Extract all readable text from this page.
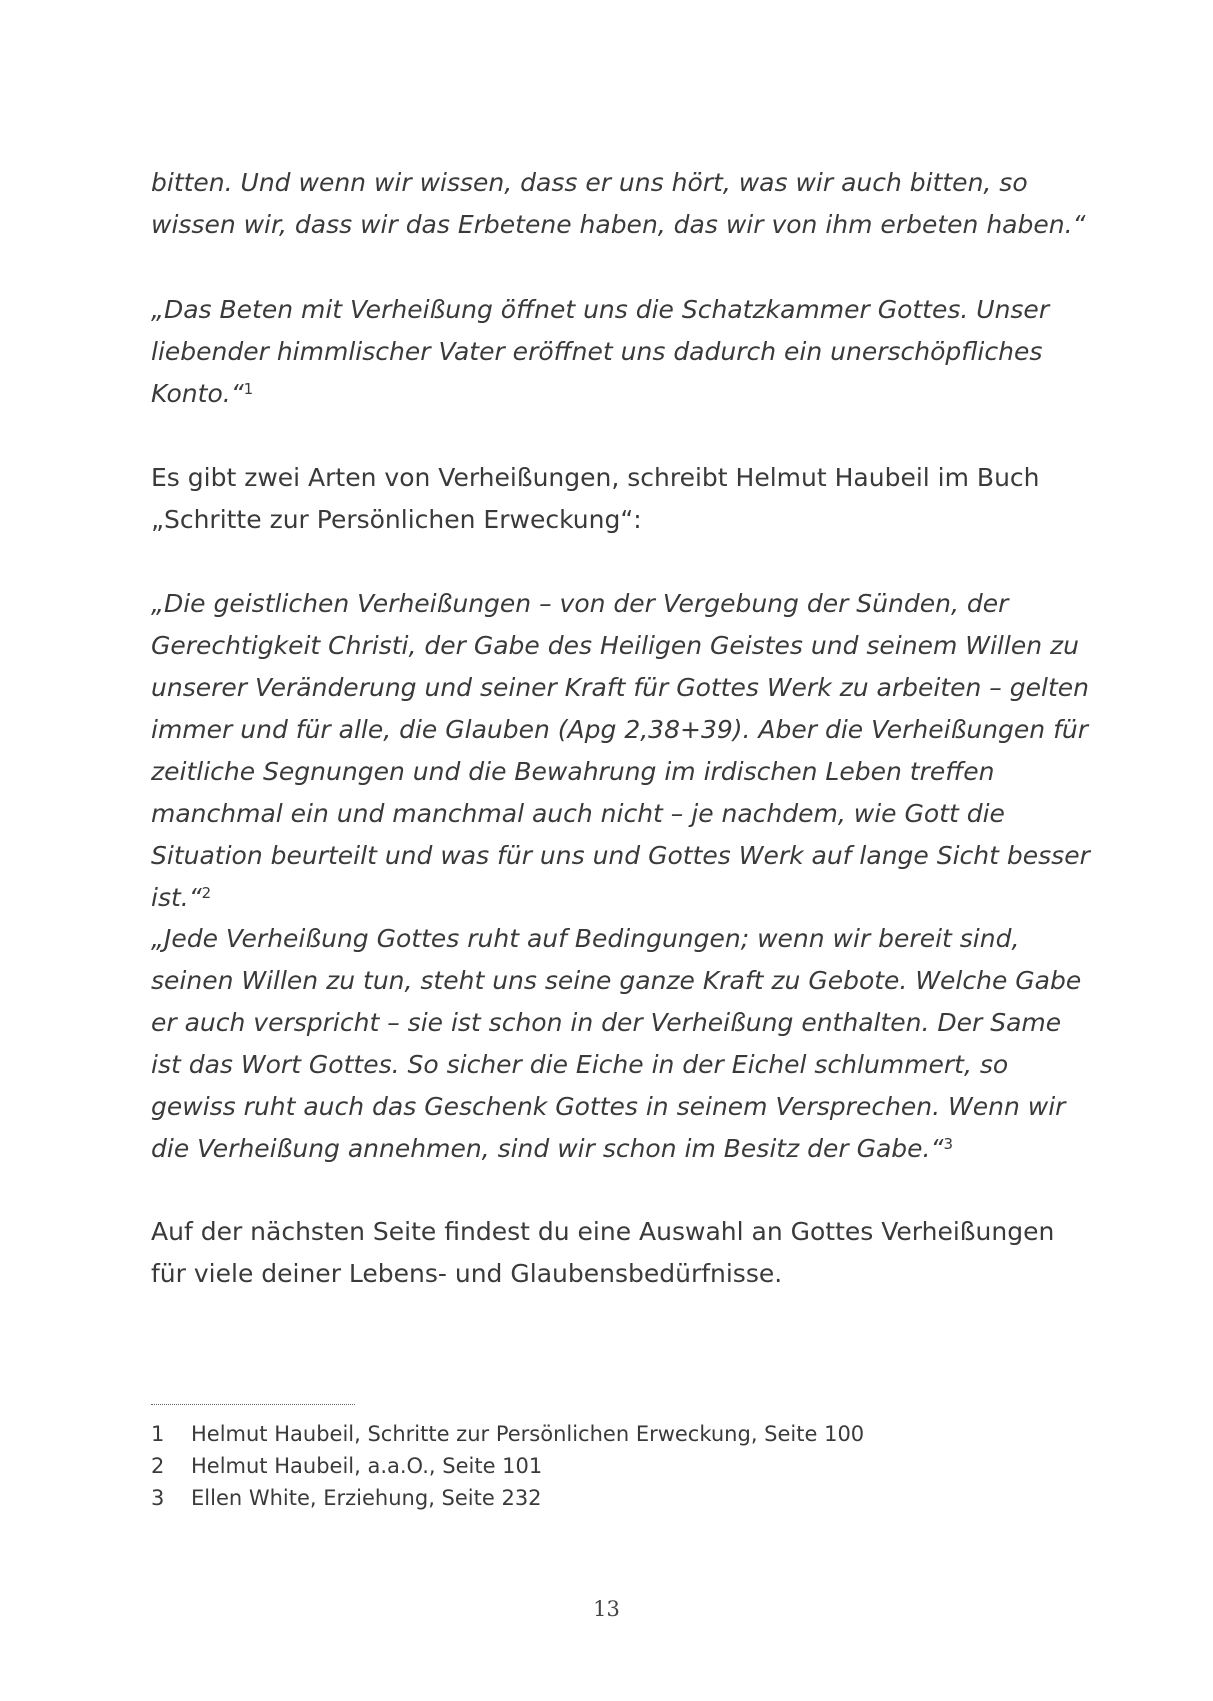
bitten. Und wenn wir wissen, dass er uns hört, was wir auch bitten, so wissen wir, dass wir das Erbetene haben, das wir von ihm erbeten haben.“

„Das Beten mit Verheißung öffnet uns die Schatzkammer Gottes. Unser liebender himmlischer Vater eröffnet uns dadurch ein unerschöpfliches Konto.“$^1$

Es gibt zwei Arten von Verheißungen, schreibt Helmut Haubeil im Buch „Schritte zur Persönlichen Erweckung“:

„Die geistlichen Verheißungen – von der Vergebung der Sünden, der Gerechtigkeit Christi, der Gabe des Heiligen Geistes und seinem Willen zu unserer Veränderung und seiner Kraft für Gottes Werk zu arbeiten – gelten immer und für alle, die Glauben (Apg 2,38+39). Aber die Verheißungen für zeitliche Segnungen und die Bewahrung im irdischen Leben treffen manchmal ein und manchmal auch nicht – je nachdem, wie Gott die Situation beurteilt und was für uns und Gottes Werk auf lange Sicht besser ist.“$^2$

„Jede Verheißung Gottes ruht auf Bedingungen; wenn wir bereit sind, seinen Willen zu tun, steht uns seine ganze Kraft zu Gebote. Welche Gabe er auch verspricht – sie ist schon in der Verheißung enthalten. Der Same ist das Wort Gottes. So sicher die Eiche in der Eichel schlummert, so gewiss ruht auch das Geschenk Gottes in seinem Versprechen. Wenn wir die Verheißung annehmen, sind wir schon im Besitz der Gabe.“$^3$

Auf der nächsten Seite findest du eine Auswahl an Gottes Verheißungen für viele deiner Lebens- und Glaubensbedürfnisse.

1 Helmut Haubeil, Schritte zur Persönlichen Erweckung, Seite 100
2 Helmut Haubeil, a.a.O., Seite 101
3 Ellen White, Erziehung, Seite 232
13
